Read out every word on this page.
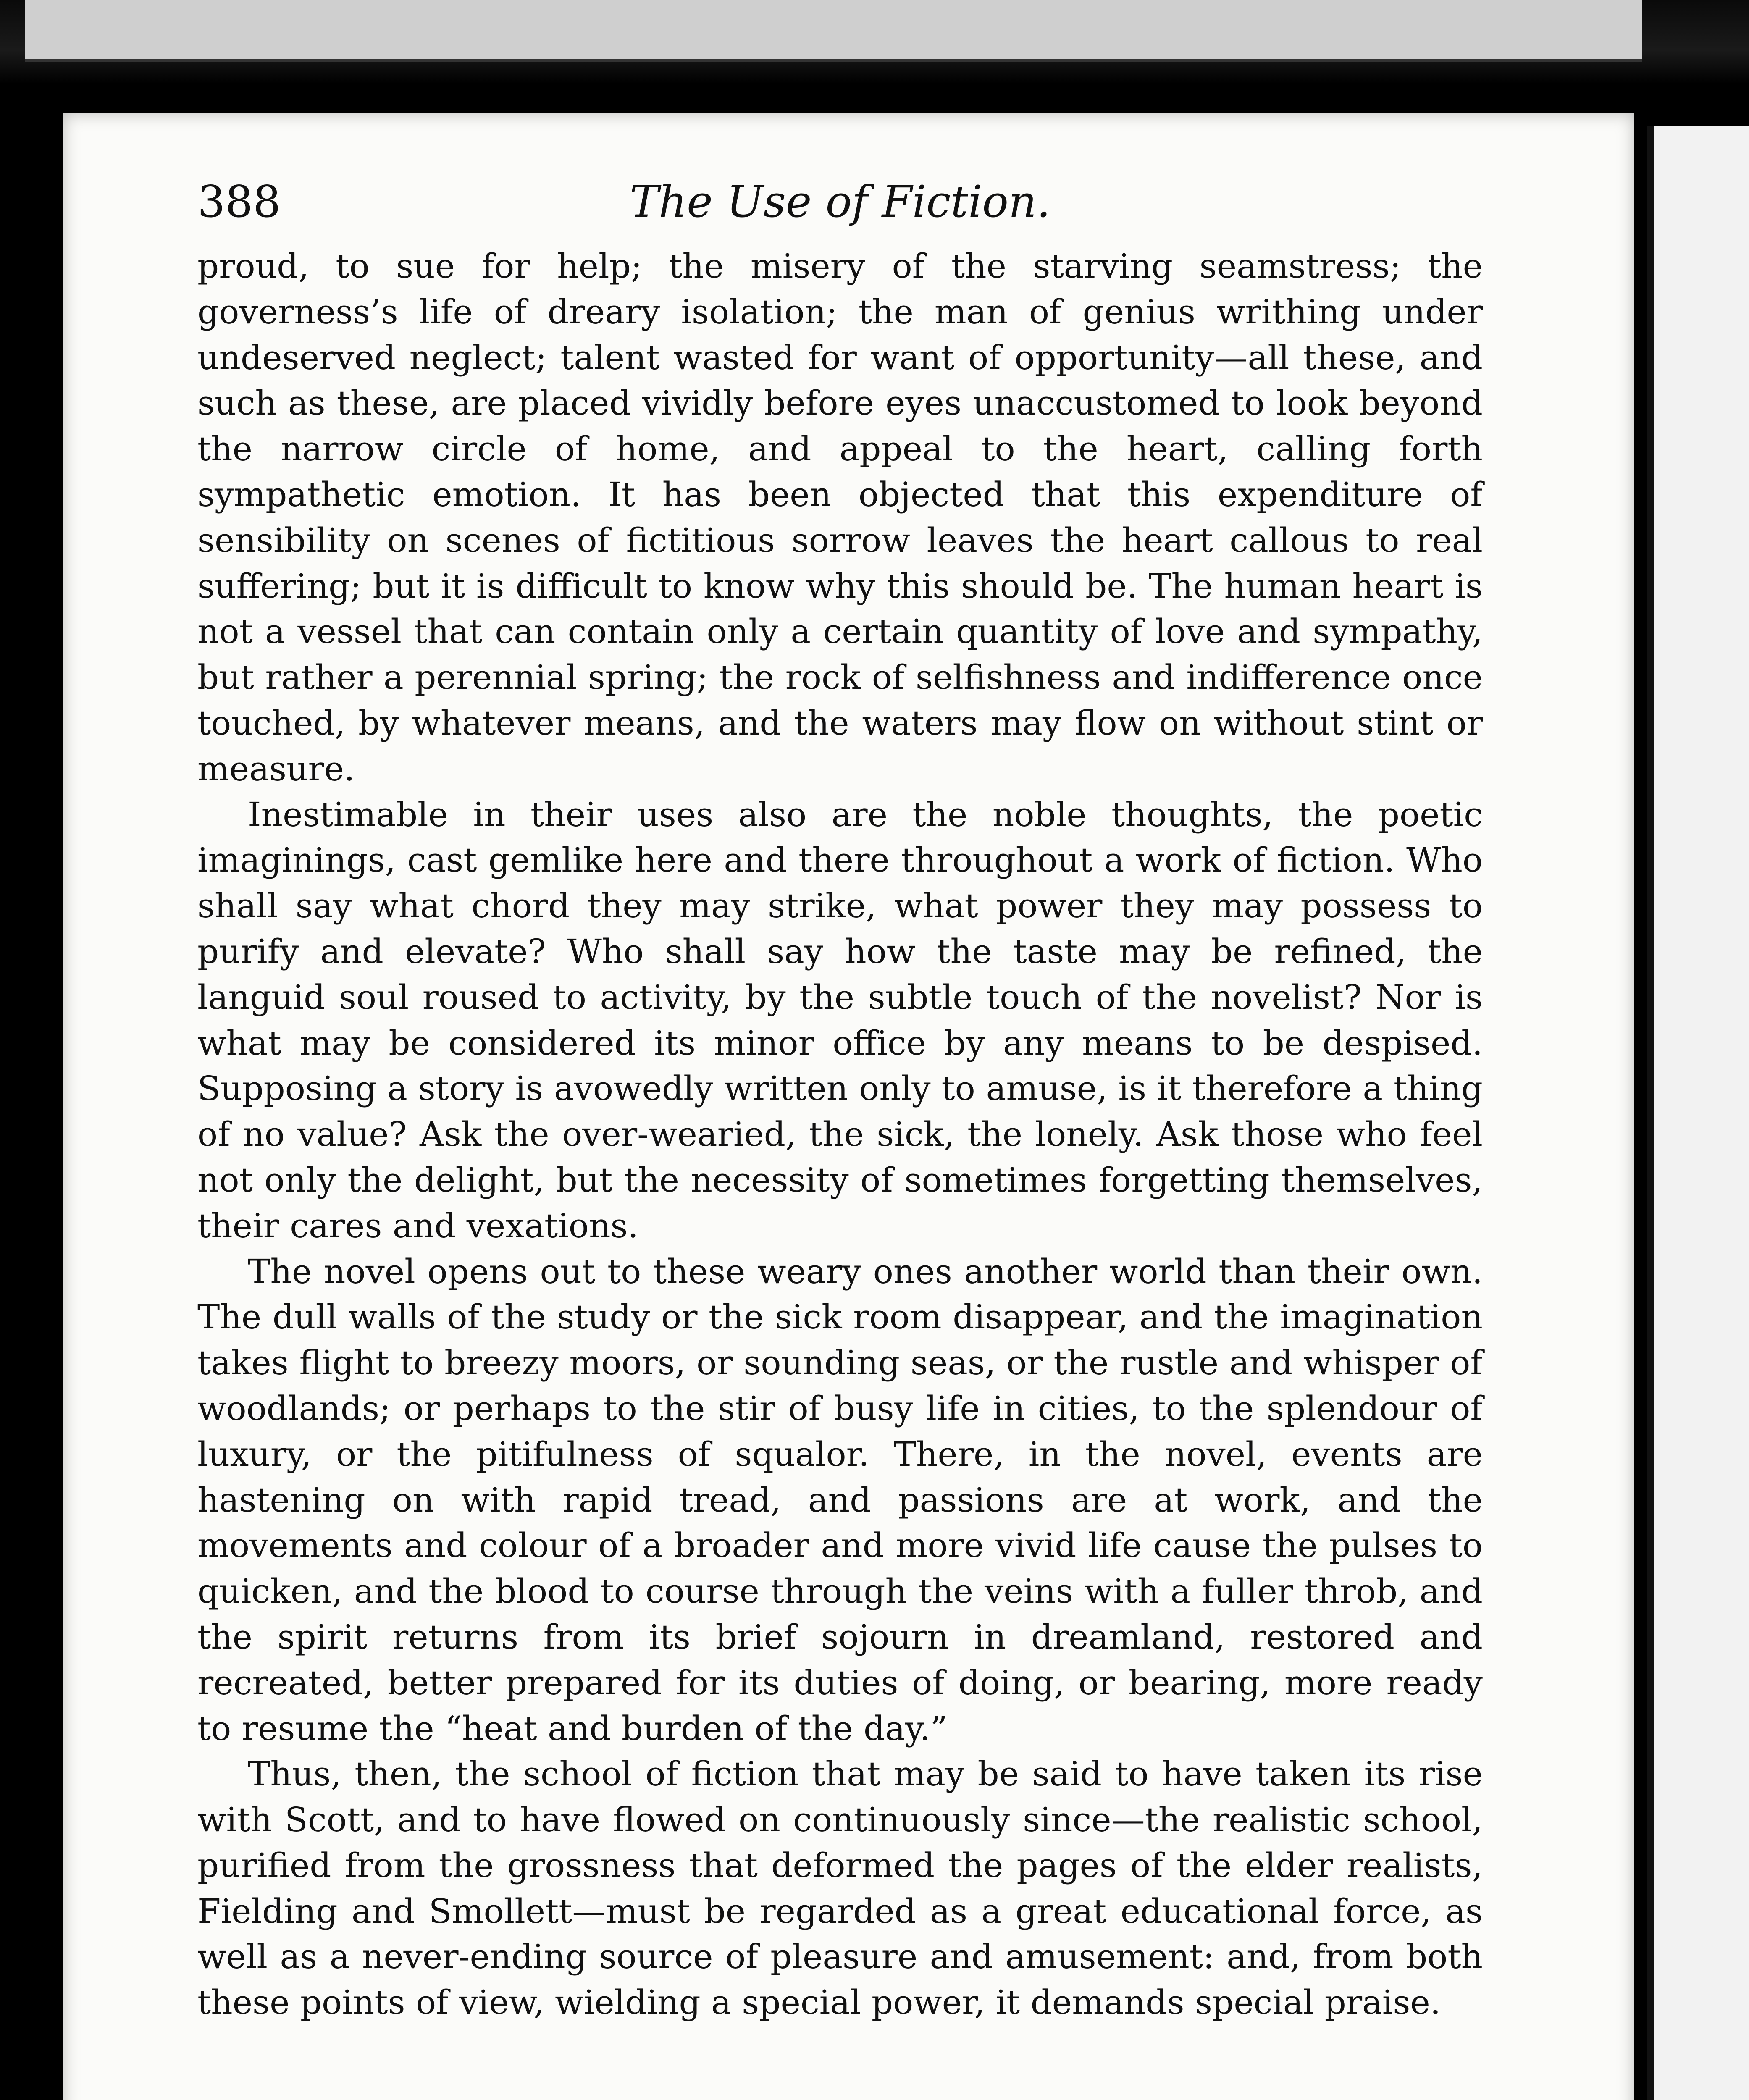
388	The Use of Fiction.

proud, to sue for help; the misery of the starving seamstress; the governess’s life of dreary isolation; the man of genius writhing under undeserved neglect; talent wasted for want of opportunity—all these, and such as these, are placed vividly before eyes unaccustomed to look beyond the narrow circle of home, and appeal to the heart, calling forth sympathetic emotion. It has been objected that this expenditure of sensibility on scenes of fictitious sorrow leaves the heart callous to real suffering; but it is difficult to know why this should be. The human heart is not a vessel that can contain only a certain quantity of love and sympathy, but rather a perennial spring; the rock of selfishness and indifference once touched, by whatever means, and the waters may flow on without stint or measure.

Inestimable in their uses also are the noble thoughts, the poetic imaginings, cast gemlike here and there throughout a work of fiction. Who shall say what chord they may strike, what power they may possess to purify and elevate? Who shall say how the taste may be refined, the languid soul roused to activity, by the subtle touch of the novelist? Nor is what may be considered its minor office by any means to be despised. Supposing a story is avowedly written only to amuse, is it therefore a thing of no value? Ask the over-wearied, the sick, the lonely. Ask those who feel not only the delight, but the necessity of sometimes forgetting themselves, their cares and vexations.

The novel opens out to these weary ones another world than their own. The dull walls of the study or the sick room disappear, and the imagination takes flight to breezy moors, or sounding seas, or the rustle and whisper of woodlands; or perhaps to the stir of busy life in cities, to the splendour of luxury, or the pitifulness of squalor. There, in the novel, events are hastening on with rapid tread, and passions are at work, and the movements and colour of a broader and more vivid life cause the pulses to quicken, and the blood to course through the veins with a fuller throb, and the spirit returns from its brief sojourn in dreamland, restored and recreated, better prepared for its duties of doing, or bearing, more ready to resume the “heat and burden of the day.”

Thus, then, the school of fiction that may be said to have taken its rise with Scott, and to have flowed on continuously since—the realistic school, purified from the grossness that deformed the pages of the elder realists, Fielding and Smollett—must be regarded as a great educational force, as well as a never-ending source of pleasure and amusement: and, from both these points of view, wielding a special power, it demands special praise.
